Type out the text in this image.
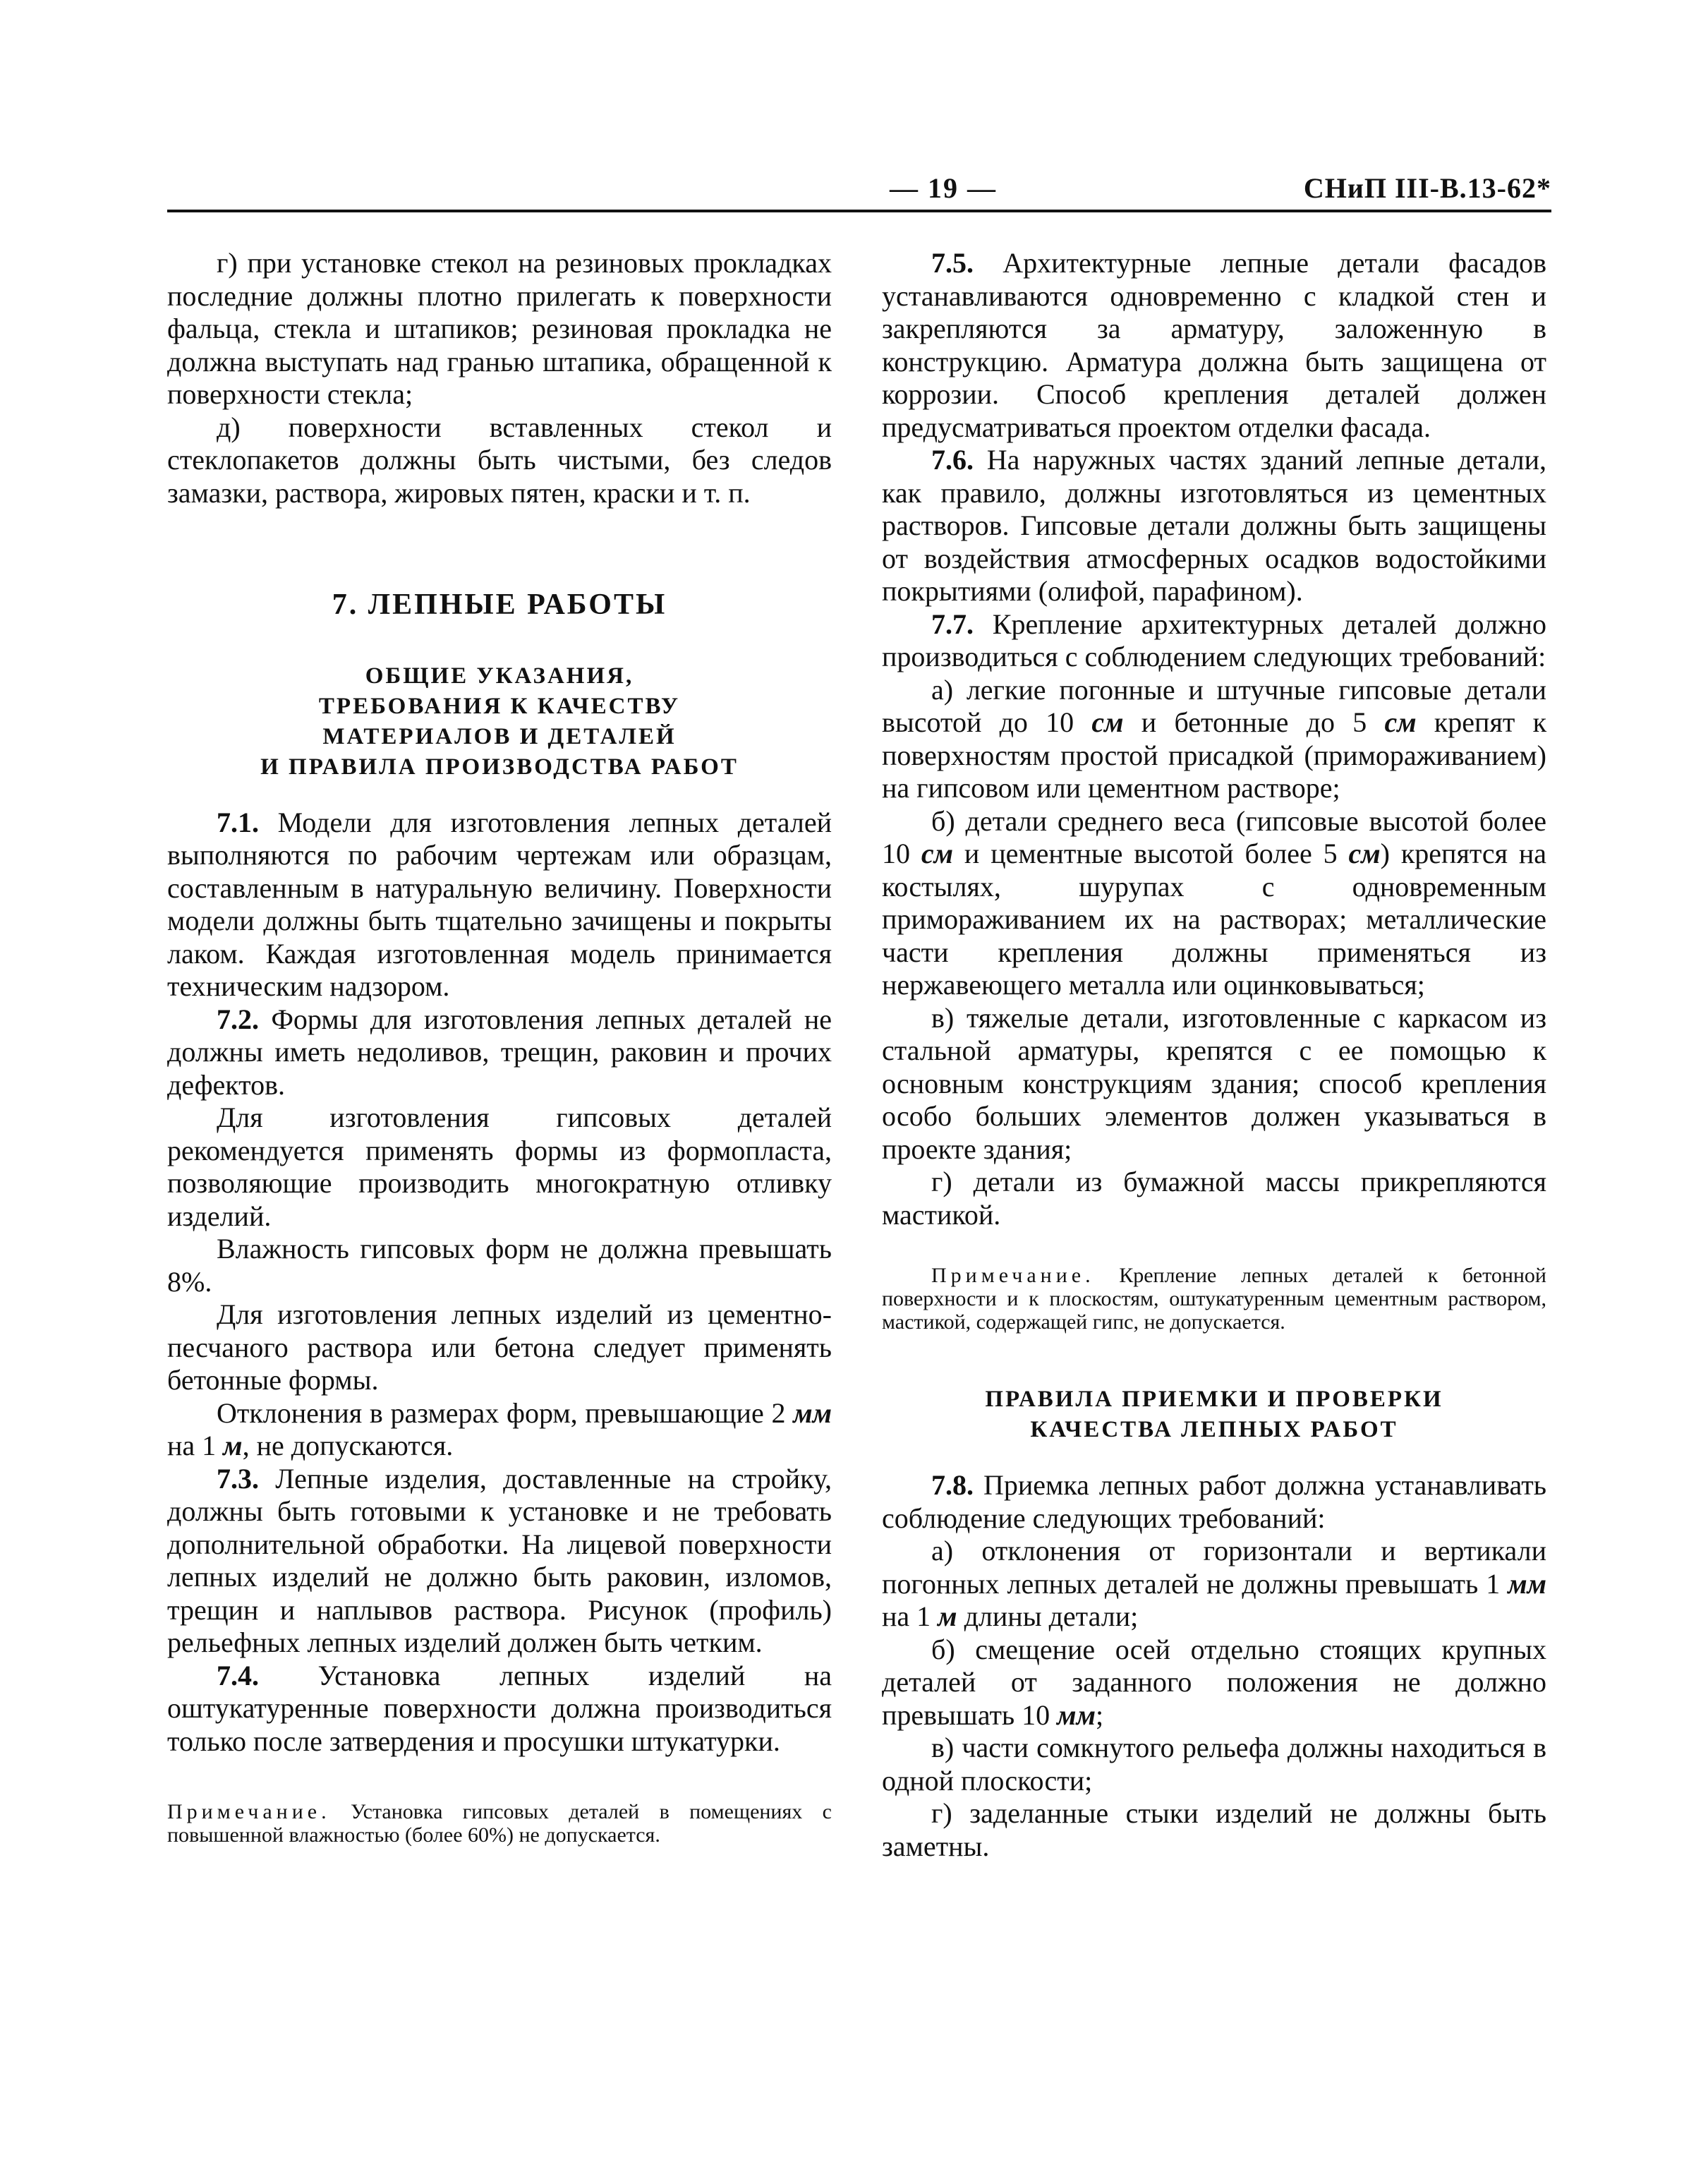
— 19 —	СНиП III-В.13-62*

г) при установке стекол на резиновых прокладках последние должны плотно прилегать к поверхности фальца, стекла и штапиков; резиновая прокладка не должна выступать над гранью штапика, обращенной к поверхности стекла;

д) поверхности вставленных стекол и стеклопакетов должны быть чистыми, без следов замазки, раствора, жировых пятен, краски и т. п.

7. ЛЕПНЫЕ РАБОТЫ

ОБЩИЕ УКАЗАНИЯ,

ТРЕБОВАНИЯ К КАЧЕСТВУ

МАТЕРИАЛОВ И ДЕТАЛЕЙ

И ПРАВИЛА ПРОИЗВОДСТВА РАБОТ

7.1. Модели для изготовления лепных деталей выполняются по рабочим чертежам или образцам, составленным в натуральную величину. Поверхности модели должны быть тщательно зачищены и покрыты лаком. Каждая изготовленная модель принимается техническим надзором.

7.2. Формы для изготовления лепных деталей не должны иметь недоливов, трещин, раковин и прочих дефектов.

Для изготовления гипсовых деталей рекомендуется применять формы из формопласта, позволяющие производить многократную отливку изделий.

Влажность гипсовых форм не должна превышать 8%.

Для изготовления лепных изделий из цементно-песчаного раствора или бетона следует применять бетонные формы.

Отклонения в размерах форм, превышающие 2 мм на 1 м, не допускаются.

7.3. Лепные изделия, доставленные на стройку, должны быть готовыми к установке и не требовать дополнительной обработки. На лицевой поверхности лепных изделий не должно быть раковин, изломов, трещин и наплывов раствора. Рисунок (профиль) рельефных лепных изделий должен быть четким.

7.4. Установка лепных изделий на оштукатуренные поверхности должна производиться только после затвердения и просушки штукатурки.

Примечание. Установка гипсовых деталей в помещениях с повышенной влажностью (более 60%) не допускается.

7.5. Архитектурные лепные детали фасадов устанавливаются одновременно с кладкой стен и закрепляются за арматуру, заложенную в конструкцию. Арматура должна быть защищена от коррозии. Способ крепления деталей должен предусматриваться проектом отделки фасада.

7.6. На наружных частях зданий лепные детали, как правило, должны изготовляться из цементных растворов. Гипсовые детали должны быть защищены от воздействия атмосферных осадков водостойкими покрытиями (олифой, парафином).

7.7. Крепление архитектурных деталей должно производиться с соблюдением следующих требований:

а) легкие погонные и штучные гипсовые детали высотой до 10 см и бетонные до 5 см крепят к поверхностям простой присадкой (примораживанием) на гипсовом или цементном растворе;

б) детали среднего веса (гипсовые высотой более 10 см и цементные высотой более 5 см) крепятся на костылях, шурупах с одновременным примораживанием их на растворах; металлические части крепления должны применяться из нержавеющего металла или оцинковываться;

в) тяжелые детали, изготовленные с каркасом из стальной арматуры, крепятся с ее помощью к основным конструкциям здания; способ крепления особо больших элементов должен указываться в проекте здания;

г) детали из бумажной массы прикрепляются мастикой.

Примечание. Крепление лепных деталей к бетонной поверхности и к плоскостям, оштукатуренным цементным раствором, мастикой, содержащей гипс, не допускается.

ПРАВИЛА ПРИЕМКИ И ПРОВЕРКИ

КАЧЕСТВА ЛЕПНЫХ РАБОТ

7.8. Приемка лепных работ должна устанавливать соблюдение следующих требований:

а) отклонения от горизонтали и вертикали погонных лепных деталей не должны превышать 1 мм на 1 м длины детали;

б) смещение осей отдельно стоящих крупных деталей от заданного положения не должно превышать 10 мм;

в) части сомкнутого рельефа должны находиться в одной плоскости;

г) заделанные стыки изделий не должны быть заметны.
